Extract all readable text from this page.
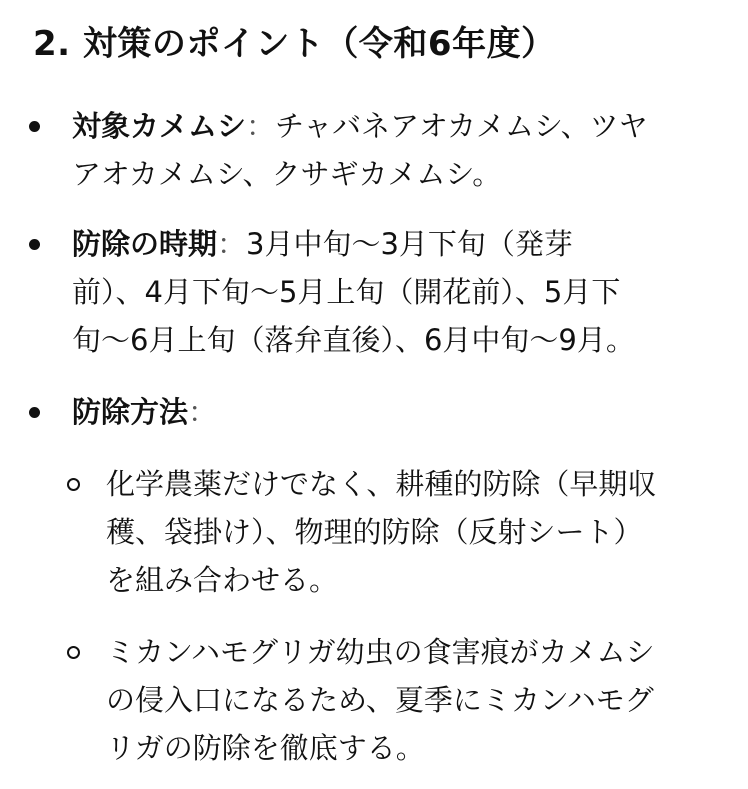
2. 対策のポイント（令和6年度）

対象カメムシ：チャバネアオカメムシ、ツヤ
アオカメムシ、クサギカメムシ。

防除の時期：3月中旬～3月下旬（発芽
前）、4月下旬～5月上旬（開花前）、5月下
旬～6月上旬（落弁直後）、6月中旬～9月。

防除方法：

化学農薬だけでなく、耕種的防除（早期収
穫、袋掛け）、物理的防除（反射シート）
を組み合わせる。

ミカンハモグリガ幼虫の食害痕がカメムシ
の侵入口になるため、夏季にミカンハモグ
リガの防除を徹底する。
